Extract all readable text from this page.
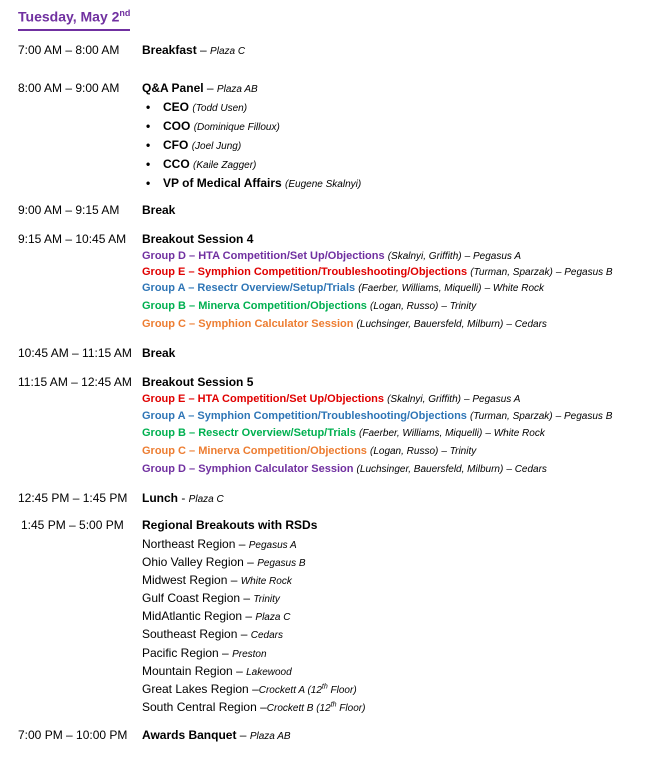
Tuesday, May 2nd
7:00 AM – 8:00 AM Breakfast – Plaza C
8:00 AM – 9:00 AM Q&A Panel – Plaza AB
• CEO (Todd Usen)
• COO (Dominique Filloux)
• CFO (Joel Jung)
• CCO (Kaile Zagger)
• VP of Medical Affairs (Eugene Skalnyi)
9:00 AM – 9:15 AM Break
9:15 AM – 10:45 AM Breakout Session 4
Group D – HTA Competition/Set Up/Objections (Skalnyi, Griffith) – Pegasus A
Group E – Symphion Competition/Troubleshooting/Objections (Turman, Sparzak) – Pegasus B
Group A – Resectr Overview/Setup/Trials (Faerber, Williams, Miquelli) – White Rock
Group B – Minerva Competition/Objections (Logan, Russo) – Trinity
Group C – Symphion Calculator Session (Luchsinger, Bauersfeld, Milburn) – Cedars
10:45 AM – 11:15 AM Break
11:15 AM – 12:45 AM Breakout Session 5
Group E – HTA Competition/Set Up/Objections (Skalnyi, Griffith) – Pegasus A
Group A – Symphion Competition/Troubleshooting/Objections (Turman, Sparzak) – Pegasus B
Group B – Resectr Overview/Setup/Trials (Faerber, Williams, Miquelli) – White Rock
Group C – Minerva Competition/Objections (Logan, Russo) – Trinity
Group D – Symphion Calculator Session (Luchsinger, Bauersfeld, Milburn) – Cedars
12:45 PM – 1:45 PM Lunch - Plaza C
1:45 PM – 5:00 PM Regional Breakouts with RSDs
Northeast Region – Pegasus A
Ohio Valley Region – Pegasus B
Midwest Region – White Rock
Gulf Coast Region – Trinity
MidAtlantic Region – Plaza C
Southeast Region – Cedars
Pacific Region – Preston
Mountain Region – Lakewood
Great Lakes Region –Crockett A (12th Floor)
South Central Region –Crockett B (12th Floor)
7:00 PM – 10:00 PM Awards Banquet – Plaza AB
